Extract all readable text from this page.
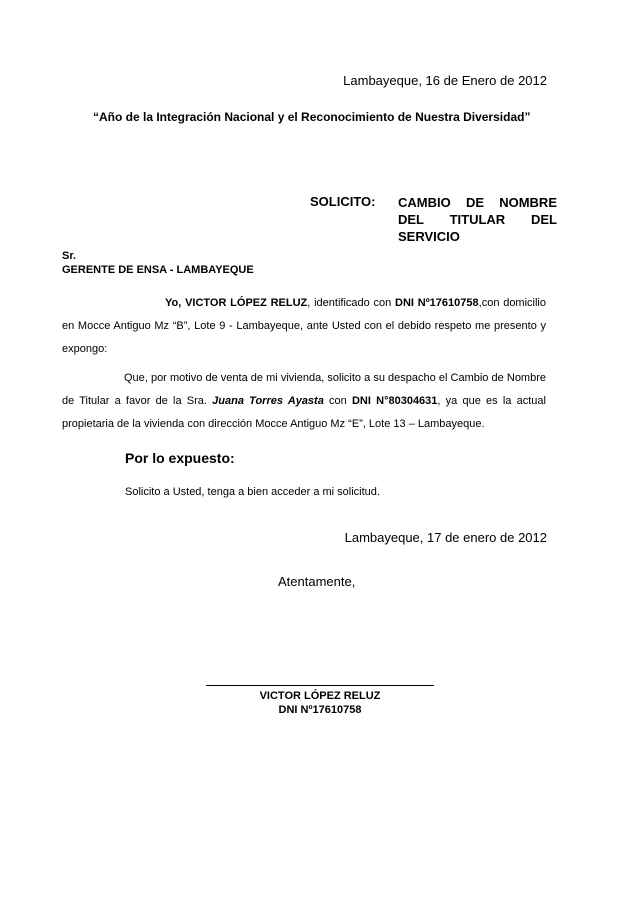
Lambayeque, 16 de Enero de 2012
“Año de la Integración Nacional y el Reconocimiento de Nuestra Diversidad”
SOLICITO: CAMBIO DE NOMBRE DEL TITULAR DEL SERVICIO
Sr.
GERENTE DE ENSA - LAMBAYEQUE
Yo, VICTOR LÓPEZ RELUZ, identificado con DNI Nº17610758,con domicilio en Mocce Antiguo Mz “B”, Lote 9 - Lambayeque, ante Usted con el debido respeto me presento y expongo:
Que, por motivo de venta de mi vivienda, solicito a su despacho el Cambio de Nombre de Titular a favor de la Sra. Juana Torres Ayasta con DNI N°80304631, ya que es la actual propietaria de la vivienda con dirección Mocce Antiguo Mz “E”, Lote 13 – Lambayeque.
Por lo expuesto:
Solicito a Usted, tenga a bien acceder a mi solicitud.
Lambayeque, 17 de enero de 2012
Atentamente,
VICTOR LÓPEZ RELUZ
DNI Nº17610758
